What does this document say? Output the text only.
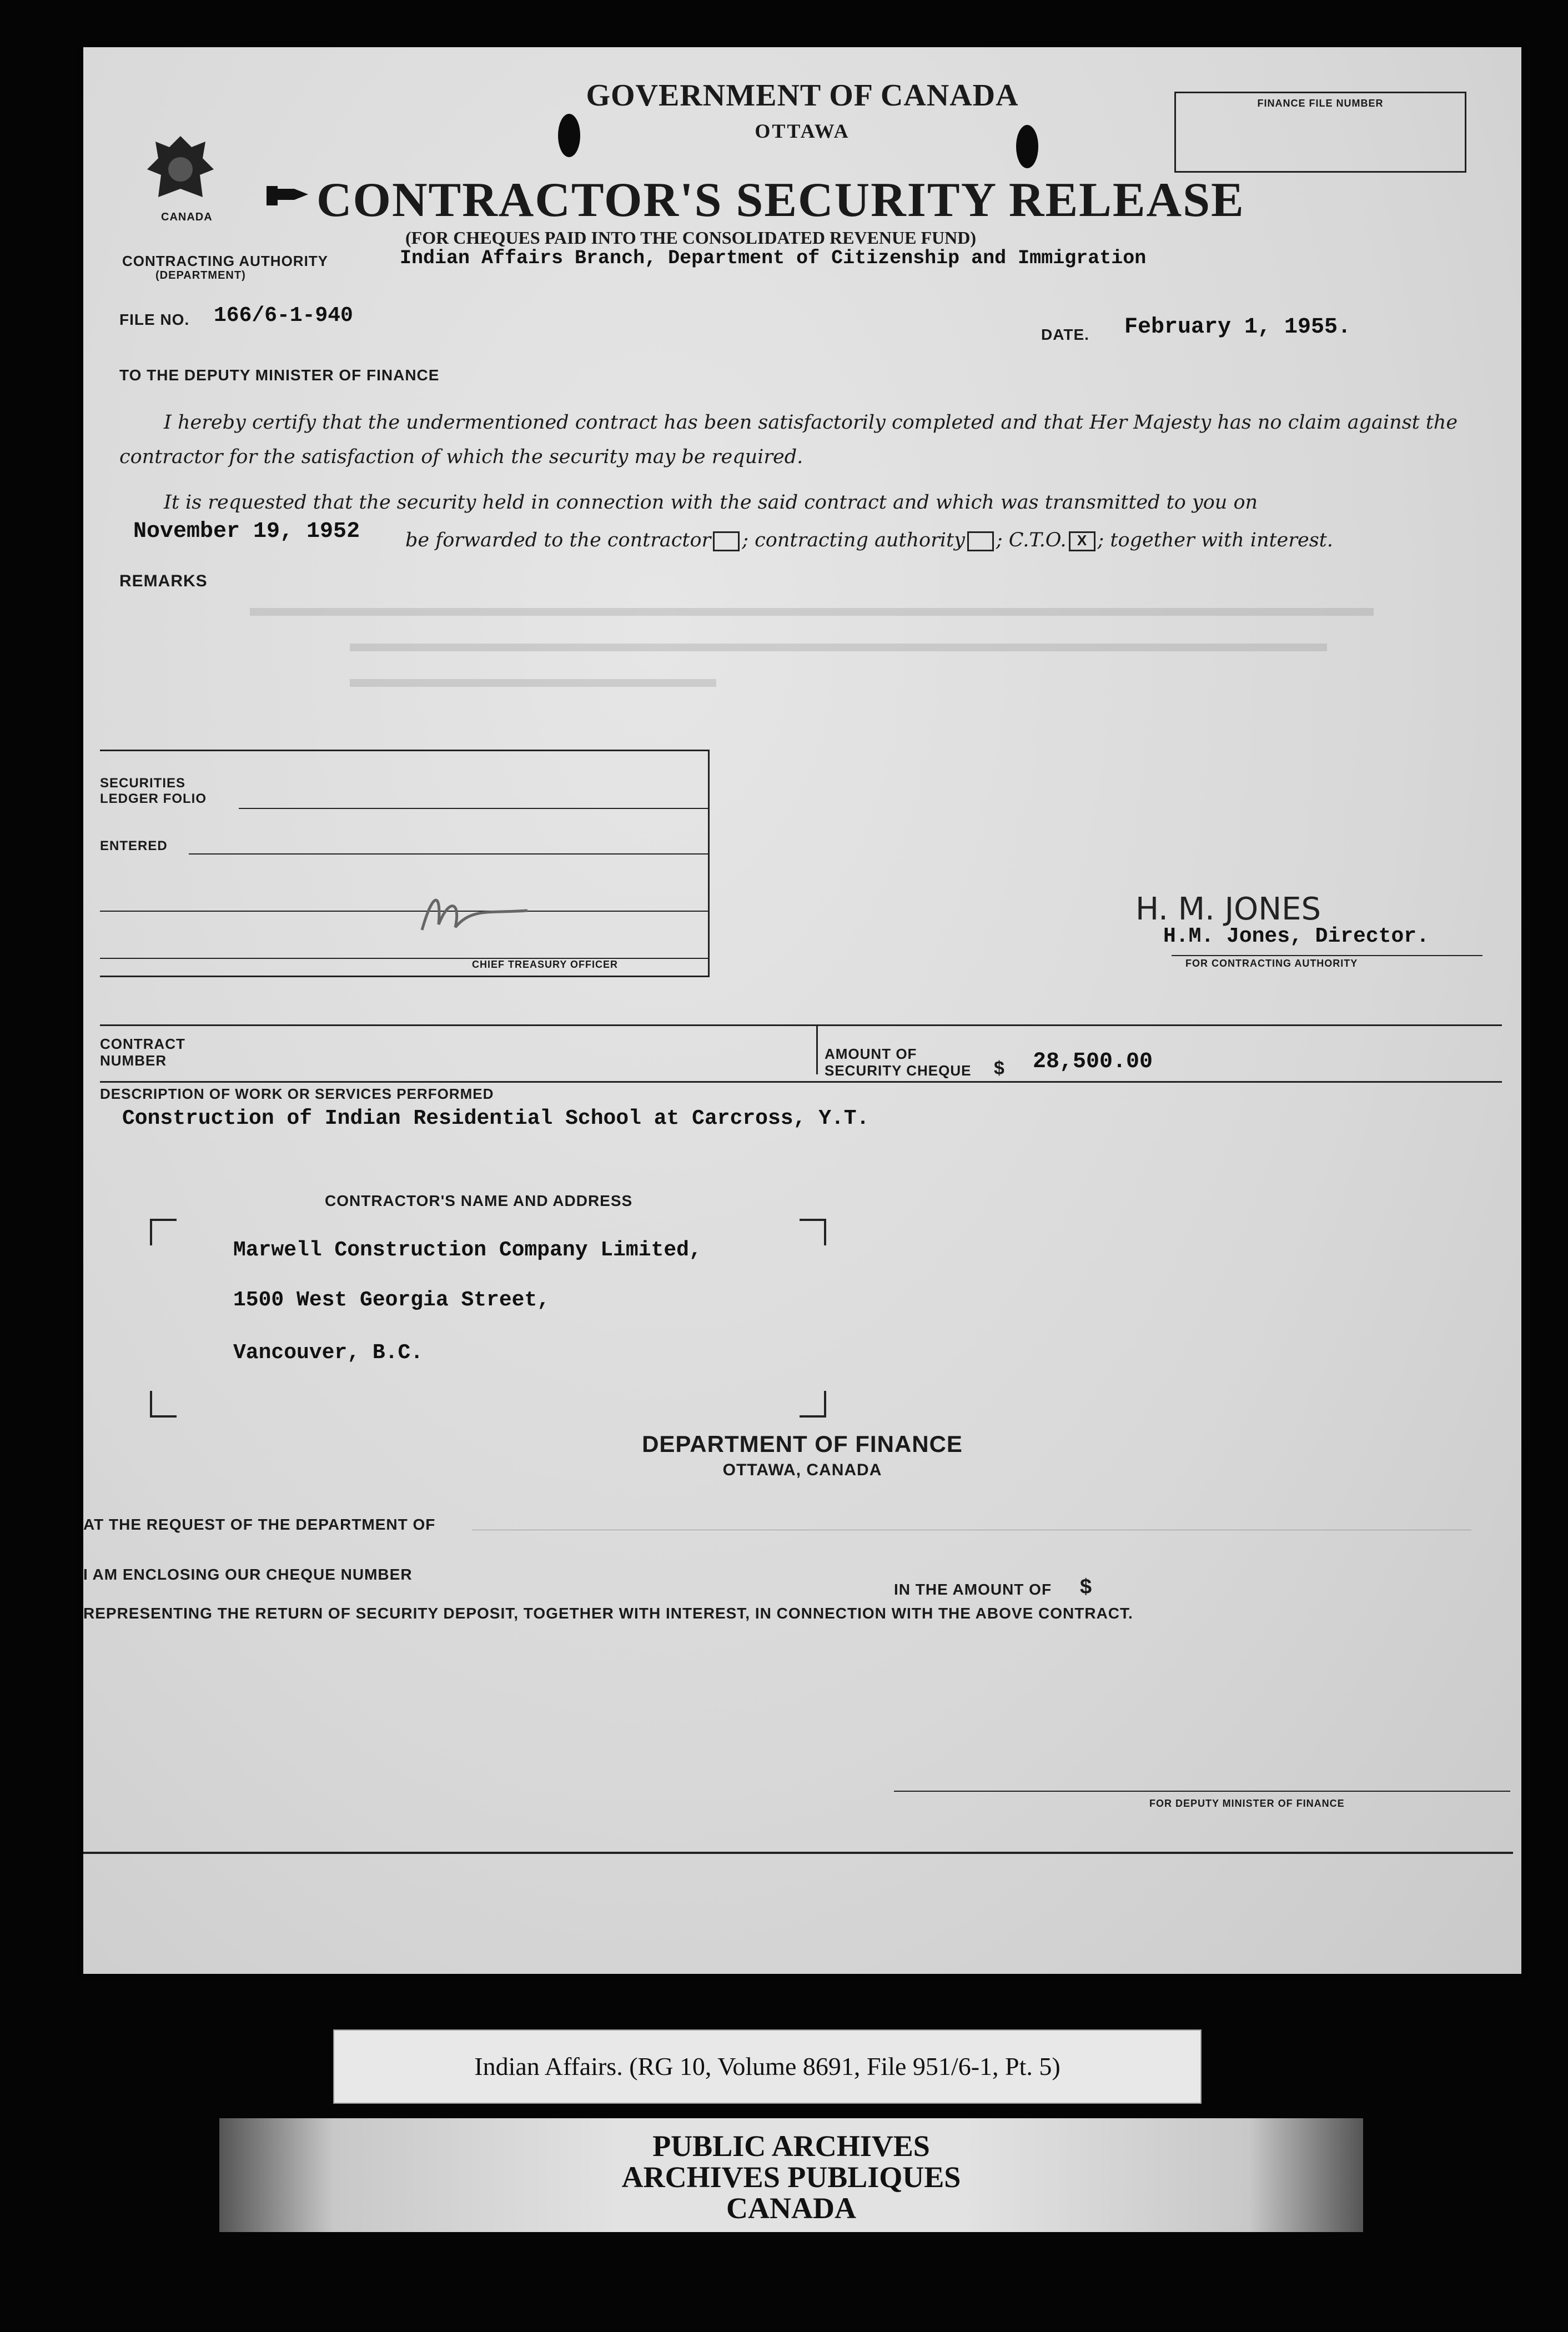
CANADA
GOVERNMENT OF CANADA
OTTAWA
FINANCE FILE NUMBER
CONTRACTOR'S SECURITY RELEASE
(FOR CHEQUES PAID INTO THE CONSOLIDATED REVENUE FUND)
CONTRACTING AUTHORITY
(DEPARTMENT)
Indian Affairs Branch, Department of Citizenship and Immigration
FILE NO. 166/6-1-940
DATE. February 1, 1955.
TO THE DEPUTY MINISTER OF FINANCE
I hereby certify that the undermentioned contract has been satisfactorily completed and that Her Majesty has no claim against the contractor for the satisfaction of which the security may be required.
It is requested that the security held in connection with the said contract and which was transmitted to you on
November 19, 1952 be forwarded to the contractor ; contracting authority ; C.T.O. X ; together with interest.
REMARKS
SECURITIES
LEDGER FOLIO
ENTERED
CHIEF TREASURY OFFICER
H. M. JONES
H.M. Jones, Director.
FOR CONTRACTING AUTHORITY
CONTRACT
NUMBER	AMOUNT OF
SECURITY CHEQUE $ 28,500.00
DESCRIPTION OF WORK OR SERVICES PERFORMED
Construction of Indian Residential School at Carcross, Y.T.
CONTRACTOR'S NAME AND ADDRESS
Marwell Construction Company Limited,
1500 West Georgia Street,
Vancouver, B.C.
DEPARTMENT OF FINANCE
OTTAWA, CANADA
AT THE REQUEST OF THE DEPARTMENT OF
I AM ENCLOSING OUR CHEQUE NUMBER
IN THE AMOUNT OF $
REPRESENTING THE RETURN OF SECURITY DEPOSIT, TOGETHER WITH INTEREST, IN CONNECTION WITH THE ABOVE CONTRACT.
FOR DEPUTY MINISTER OF FINANCE
Indian Affairs. (RG 10, Volume 8691, File 951/6-1, Pt. 5)
PUBLIC ARCHIVES
ARCHIVES PUBLIQUES
CANADA
